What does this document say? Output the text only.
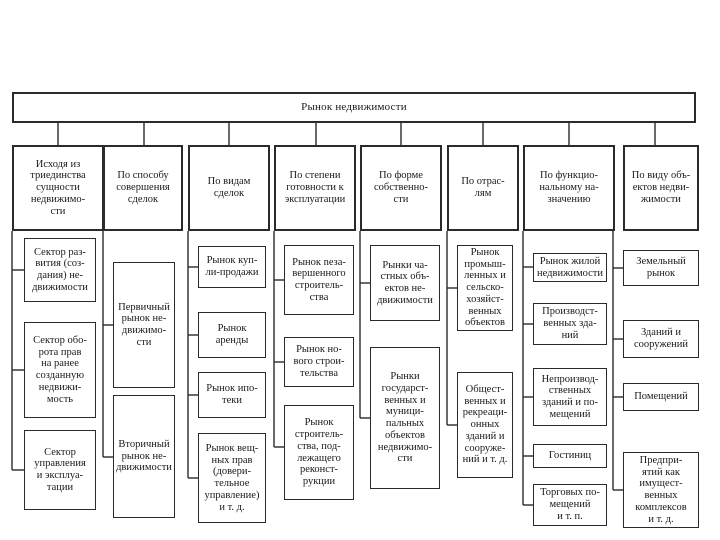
Рынок недвижимости
Исходя из
триединства
сущности
недвижимо-
сти
Сектор раз-
вития (соз-
дания) не-
движимости
Сектор обо-
рота прав
на ранее
созданную
недвижи-
мость
Сектор
управления
и эксплуа-
тации
По способу
совершения
сделок
Первичный
рынок не-
движимо-
сти
Вторичный
рынок не-
движимости
По видам
сделок
Рынок куп-
ли-продажи
Рынок
аренды
Рынок ипо-
теки
Рынок вещ-
ных прав
(довери-
тельное
управление)
и т. д.
По степени
готовности к
эксплуатации
Рынок neза-
вершенного
строитель-
ства
Рынок но-
вого строи-
тельства
Рынок
строитель-
ства, под-
лежащего
реконст-
рукции
По форме
собственно-
сти
Рынки ча-
стных объ-
ектов не-
движимости
Рынки
государст-
венных и
муници-
пальных
объектов
недвижимо-
сти
По отрас-
лям
Рынок
промыш-
ленных и
сельско-
хозяйст-
венных
объектов
Общест-
венных и
рекреаци-
онных
зданий и
сооруже-
ний и т. д.
По функцио-
нальному на-
значению
Рынок жилой
недвижимости
Производст-
венных зда-
ний
Непроизвод-
ственных
зданий и по-
мещений
Гостиниц
Торговых по-
мещений
и т. п.
По виду объ-
ектов недви-
жимости
Земельный
рынок
Зданий и
сооружений
Помещений
Предпри-
ятий как
имущест-
венных
комплексов
и т. д.
